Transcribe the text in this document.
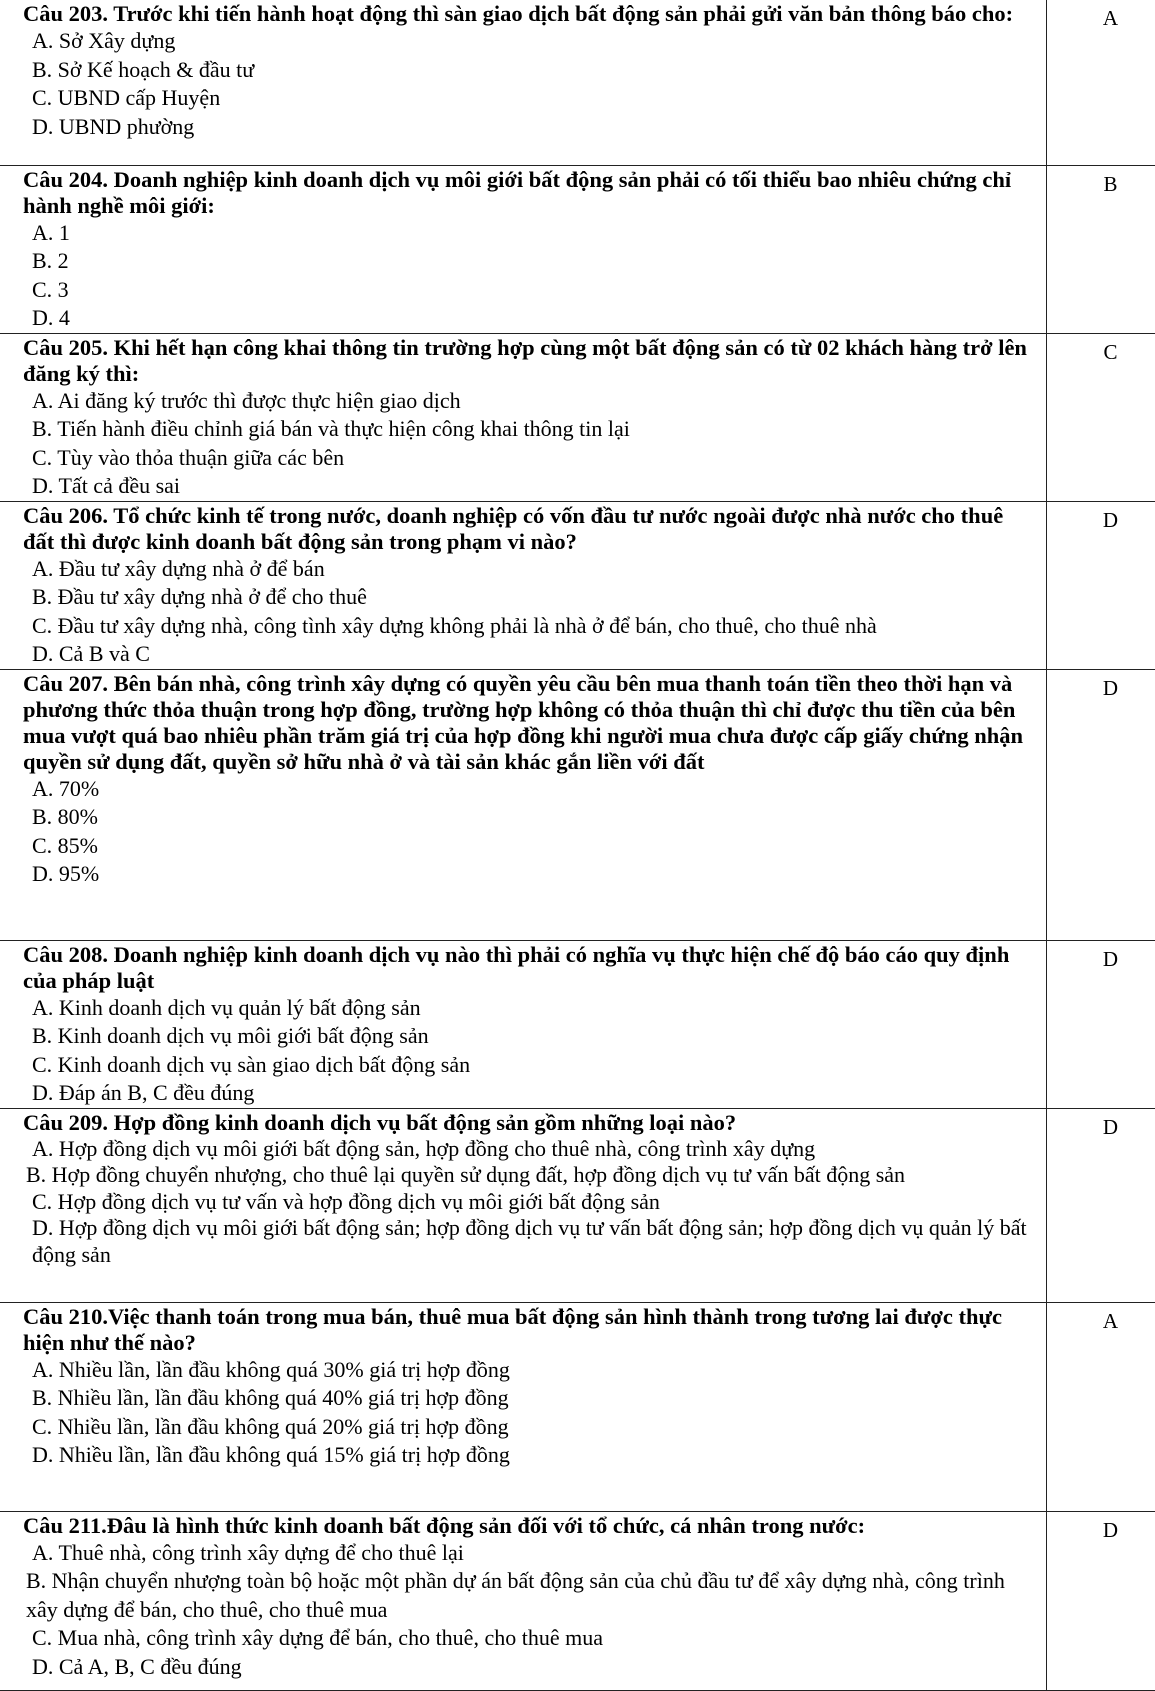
Câu 203. Trước khi tiến hành hoạt động thì sàn giao dịch bất động sản phải gửi văn bản thông báo cho:

A. Sở Xây dựng

B. Sở Kế hoạch & đầu tư

C. UBND cấp Huyện

D. UBND phường	A

Câu 204. Doanh nghiệp kinh doanh dịch vụ môi giới bất động sản phải có tối thiểu bao nhiêu chứng chỉ hành nghề môi giới:

A. 1

B. 2

C. 3

D. 4	B

Câu 205. Khi hết hạn công khai thông tin trường hợp cùng một bất động sản có từ 02 khách hàng trở lên đăng ký thì:

A. Ai đăng ký trước thì được thực hiện giao dịch

B. Tiến hành điều chỉnh giá bán và thực hiện công khai thông tin lại

C. Tùy vào thỏa thuận giữa các bên

D. Tất cả đều sai	C

Câu 206. Tổ chức kinh tế trong nước, doanh nghiệp có vốn đầu tư nước ngoài được nhà nước cho thuê đất thì được kinh doanh bất động sản trong phạm vi nào?

A. Đầu tư xây dựng nhà ở để bán

B. Đầu tư xây dựng nhà ở để cho thuê

C. Đầu tư xây dựng nhà, công tình xây dựng không phải là nhà ở để bán, cho thuê, cho thuê nhà

D. Cả B và C	D

Câu 207. Bên bán nhà, công trình xây dựng có quyền yêu cầu bên mua thanh toán tiền theo thời hạn và phương thức thỏa thuận trong hợp đồng, trường hợp không có thỏa thuận thì chỉ được thu tiền của bên mua vượt quá bao nhiêu phần trăm giá trị của hợp đồng khi người mua chưa được cấp giấy chứng nhận quyền sử dụng đất, quyền sở hữu nhà ở và tài sản khác gắn liền với đất

A. 70%

B. 80%

C. 85%

D. 95%	D

Câu 208. Doanh nghiệp kinh doanh dịch vụ nào thì phải có nghĩa vụ thực hiện chế độ báo cáo quy định của pháp luật

A. Kinh doanh dịch vụ quản lý bất động sản

B. Kinh doanh dịch vụ môi giới bất động sản

C. Kinh doanh dịch vụ sàn giao dịch bất động sản

D. Đáp án B, C đều đúng	D

Câu 209. Hợp đồng kinh doanh dịch vụ bất động sản gồm những loại nào?

A. Hợp đồng dịch vụ môi giới bất động sản, hợp đồng cho thuê nhà, công trình xây dựng

B. Hợp đồng chuyển nhượng, cho thuê lại quyền sử dụng đất, hợp đồng dịch vụ tư vấn bất động sản

C. Hợp đồng dịch vụ tư vấn và hợp đồng dịch vụ môi giới bất động sản

D. Hợp đồng dịch vụ môi giới bất động sản; hợp đồng dịch vụ tư vấn bất động sản; hợp đồng dịch vụ quản lý bất động sản	D

Câu 210.Việc thanh toán trong mua bán, thuê mua bất động sản hình thành trong tương lai được thực hiện như thế nào?

A. Nhiều lần, lần đầu không quá 30% giá trị hợp đồng

B. Nhiều lần, lần đầu không quá 40% giá trị hợp đồng

C. Nhiều lần, lần đầu không quá 20% giá trị hợp đồng

D. Nhiều lần, lần đầu không quá 15% giá trị hợp đồng	A

Câu 211.Đâu là hình thức kinh doanh bất động sản đối với tổ chức, cá nhân trong nước:

A. Thuê nhà, công trình xây dựng để cho thuê lại

B. Nhận chuyển nhượng toàn bộ hoặc một phần dự án bất động sản của chủ đầu tư để xây dựng nhà, công trình xây dựng để bán, cho thuê, cho thuê mua

C. Mua nhà, công trình xây dựng để bán, cho thuê, cho thuê mua

D. Cả A, B, C đều đúng	D
